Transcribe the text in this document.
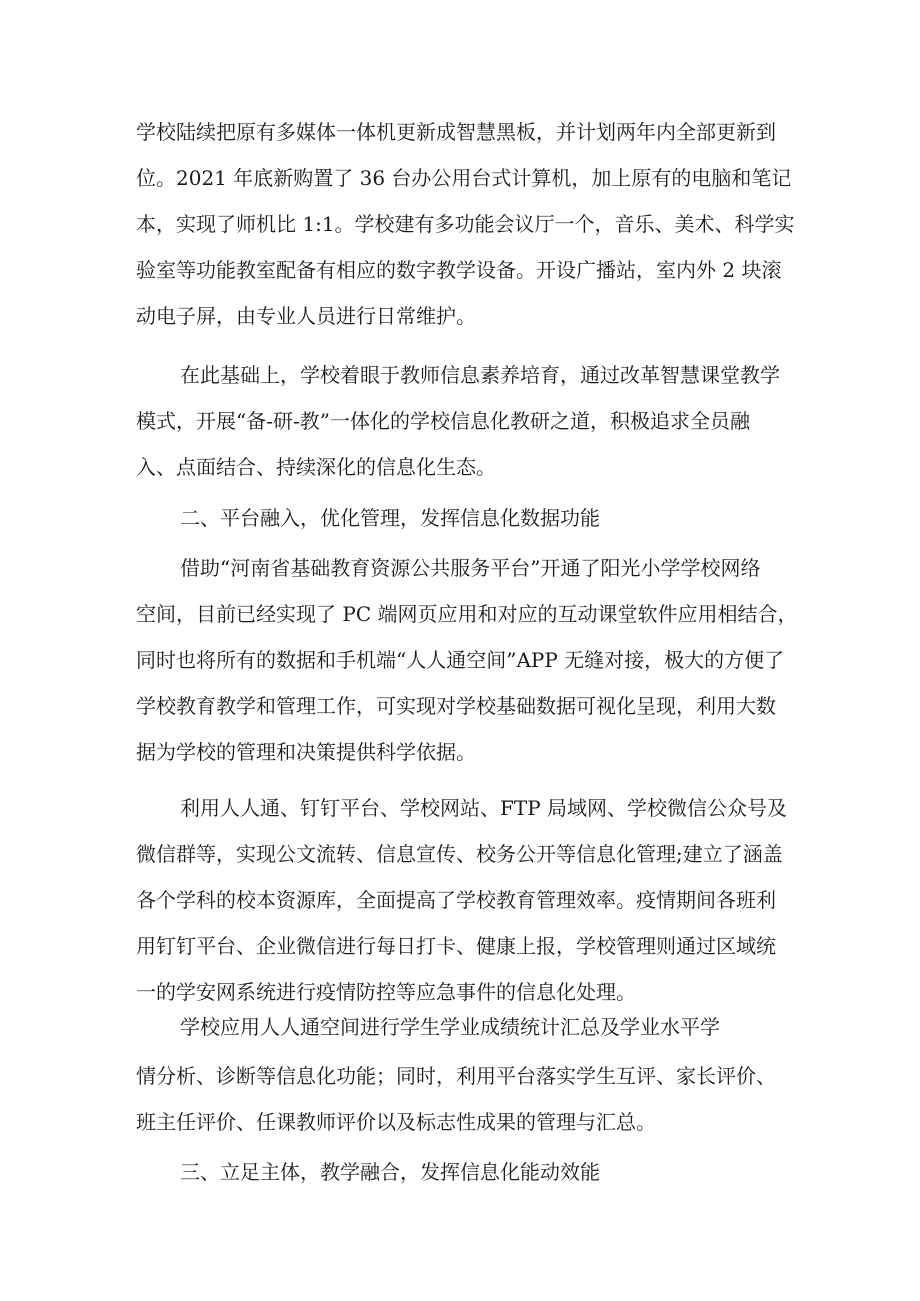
学校陆续把原有多媒体一体机更新成智慧黑板，并计划两年内全部更新到
位。2021 年底新购置了 36 台办公用台式计算机，加上原有的电脑和笔记
本，实现了师机比 1:1。学校建有多功能会议厅一个，音乐、美术、科学实
验室等功能教室配备有相应的数字教学设备。开设广播站，室内外 2 块滚
动电子屏，由专业人员进行日常维护。
在此基础上，学校着眼于教师信息素养培育，通过改革智慧课堂教学
模式，开展“备-研-教”一体化的学校信息化教研之道，积极追求全员融
入、点面结合、持续深化的信息化生态。
二、平台融入，优化管理，发挥信息化数据功能
借助“河南省基础教育资源公共服务平台”开通了阳光小学学校网络
空间，目前已经实现了 PC 端网页应用和对应的互动课堂软件应用相结合，
同时也将所有的数据和手机端“人人通空间”APP 无缝对接，极大的方便了
学校教育教学和管理工作，可实现对学校基础数据可视化呈现，利用大数
据为学校的管理和决策提供科学依据。
利用人人通、钉钉平台、学校网站、FTP 局域网、学校微信公众号及
微信群等，实现公文流转、信息宣传、校务公开等信息化管理;建立了涵盖
各个学科的校本资源库，全面提高了学校教育管理效率。疫情期间各班利
用钉钉平台、企业微信进行每日打卡、健康上报，学校管理则通过区域统
一的学安网系统进行疫情防控等应急事件的信息化处理。
学校应用人人通空间进行学生学业成绩统计汇总及学业水平学
情分析、诊断等信息化功能；同时，利用平台落实学生互评、家长评价、
班主任评价、任课教师评价以及标志性成果的管理与汇总。
三、立足主体，教学融合，发挥信息化能动效能
